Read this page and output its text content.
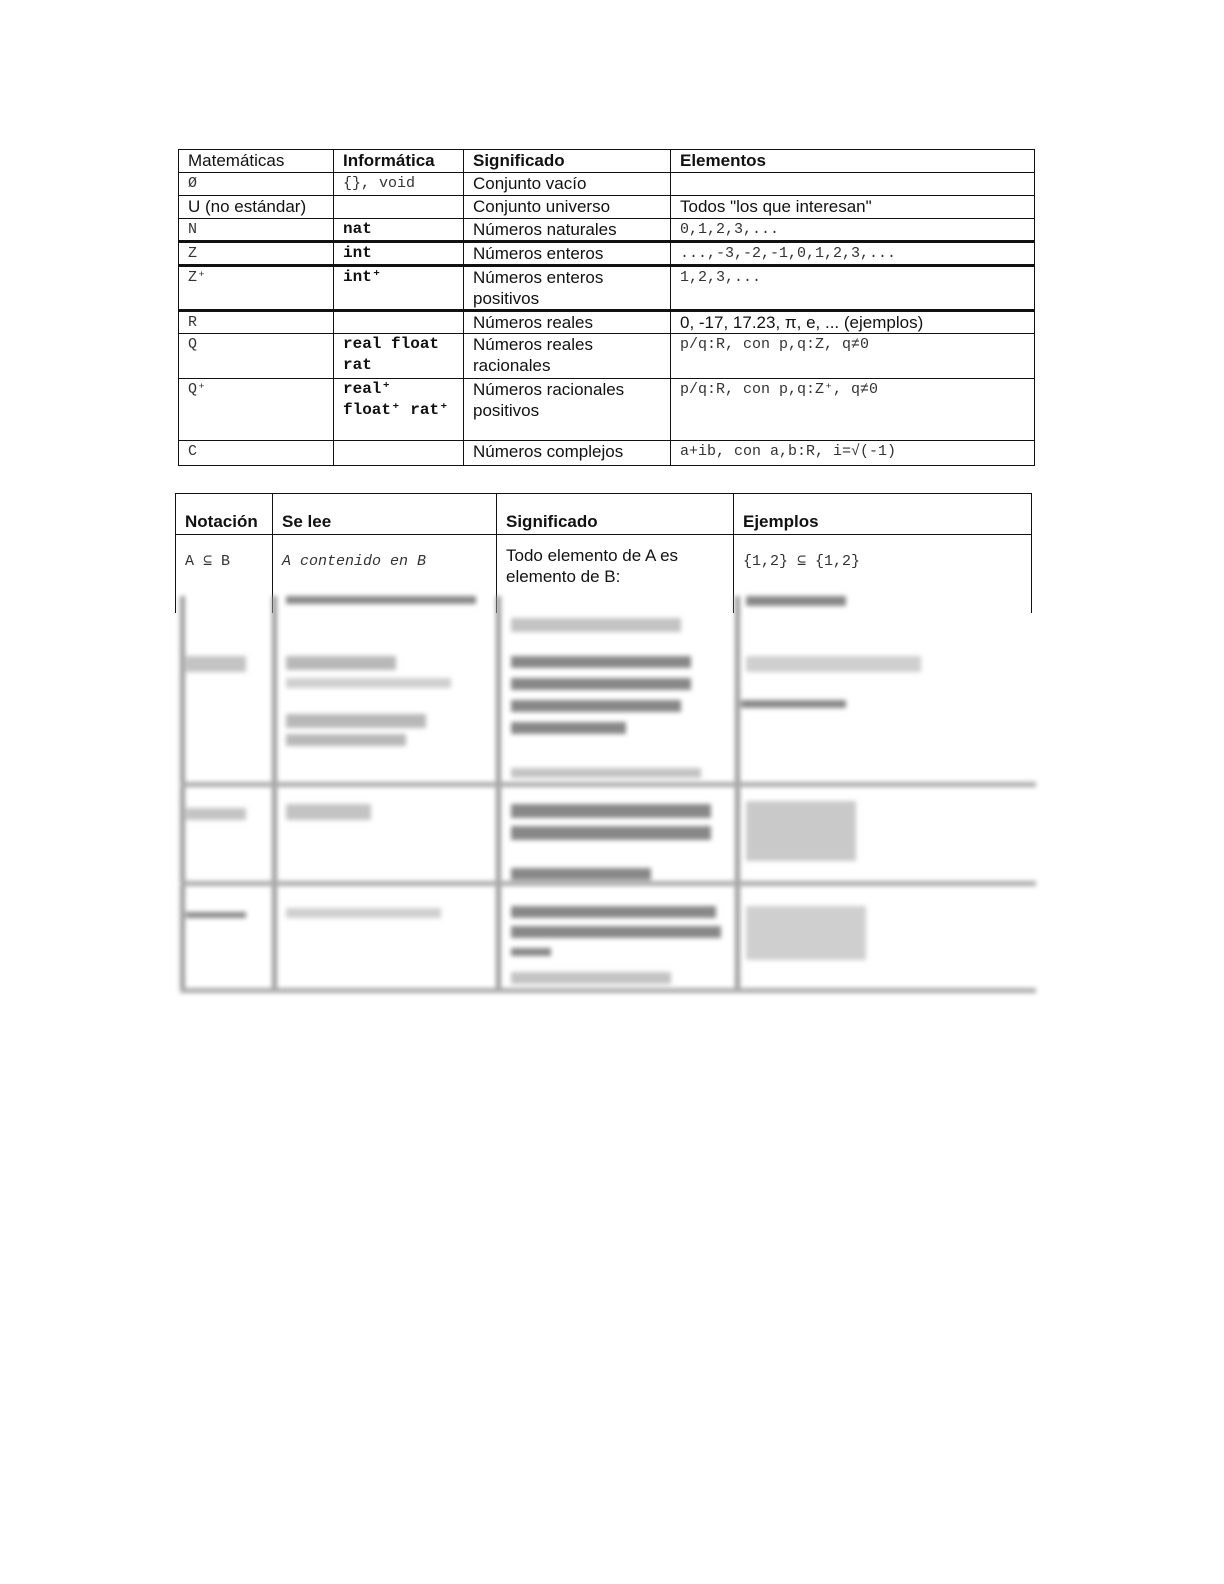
Matemáticas	Informática	Significado	Elementos
Ø	{}, void	Conjunto vacío	
U (no estándar)		Conjunto universo	Todos "los que interesan"
N	nat	Números naturales	0,1,2,3,...
Z	int	Números enteros	...,-3,-2,-1,0,1,2,3,...
Z⁺	int⁺	Números enteros positivos	1,2,3,...
R		Números reales	0, -17, 17.23, π, e, ... (ejemplos)
Q	real float rat	Números reales racionales	p/q:R, con p,q:Z, q≠0
Q⁺	real⁺ float⁺ rat⁺	Números racionales positivos	p/q:R, con p,q:Z⁺, q≠0
C		Números complejos	a+ib, con a,b:R, i=√(-1)
Notación	Se lee	Significado	Ejemplos
A ⊆ B	A contenido en B	Todo elemento de A es elemento de B:	{1,2} ⊆ {1,2}
